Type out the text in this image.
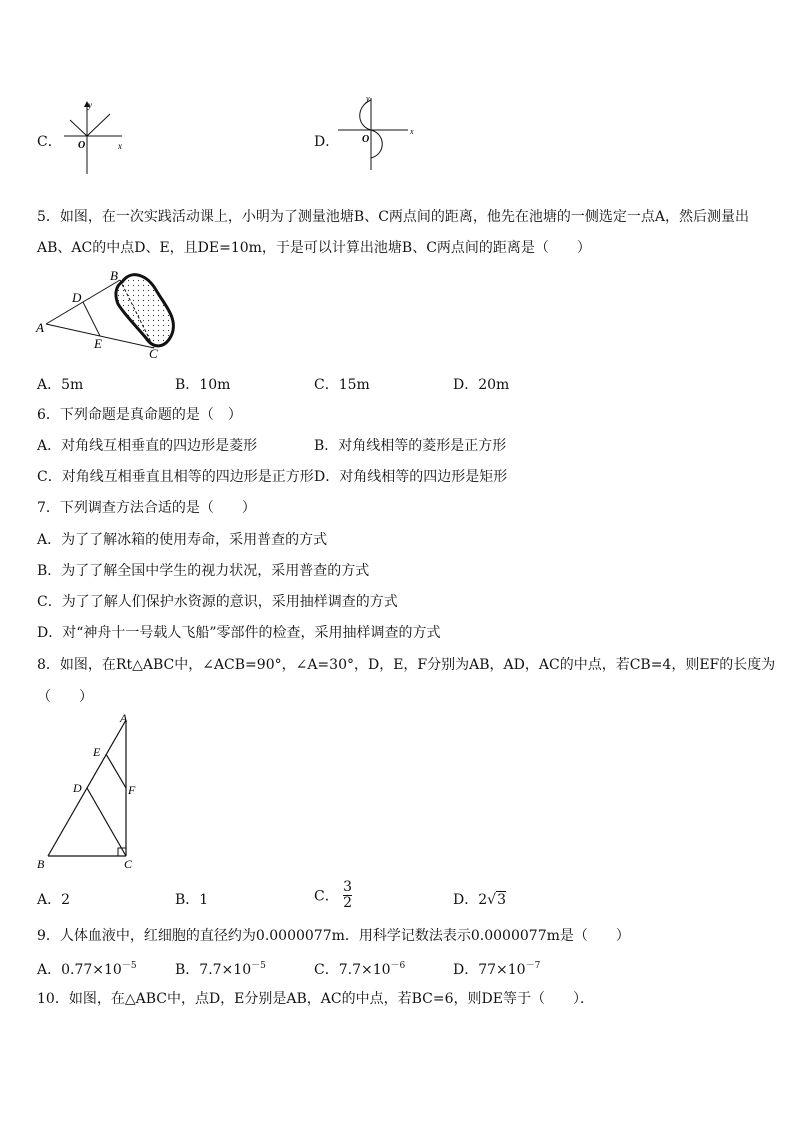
C．
y
x
O	D．
y
x
O
5．如图，在一次实践活动课上，小明为了测量池塘B、C两点间的距离，他先在池塘的一侧选定一点A，然后测量出
AB、AC的中点D、E，且DE=10m，于是可以计算出池塘B、C两点间的距离是（　　）
A
B
C
D
E
A．5m	B．10m	C．15m	D．20m
6．下列命题是真命题的是（　）
A．对角线互相垂直的四边形是菱形	B．对角线相等的菱形是正方形
C．对角线互相垂直且相等的四边形是正方形 D．对角线相等的四边形是矩形
7．下列调查方法合适的是（　　）
A．为了了解冰箱的使用寿命，采用普查的方式
B．为了了解全国中学生的视力状况，采用普查的方式
C．为了了解人们保护水资源的意识，采用抽样调查的方式
D．对“神舟十一号载人飞船”零部件的检查，采用抽样调查的方式
8．如图，在Rt△ABC中，∠ACB=90°，∠A=30°，D，E，F分别为AB，AD，AC的中点，若CB=4，则EF的长度为
（　　）
A
B	C
D
E
F
A．2	B．1	C． $\frac{3}{2}$	D．2√3
9．人体血液中，红细胞的直径约为0.0000077m．用科学记数法表示0.0000077m是（　　）
A．$0.77\times 10^{-5}$	B．$7.7\times 10^{-5}$	C．$7.7\times 10^{-6}$	D．$77\times 10^{-7}$
10．如图，在△ABC中，点D，E分别是AB，AC的中点，若BC=6，则DE等于（　　）．
